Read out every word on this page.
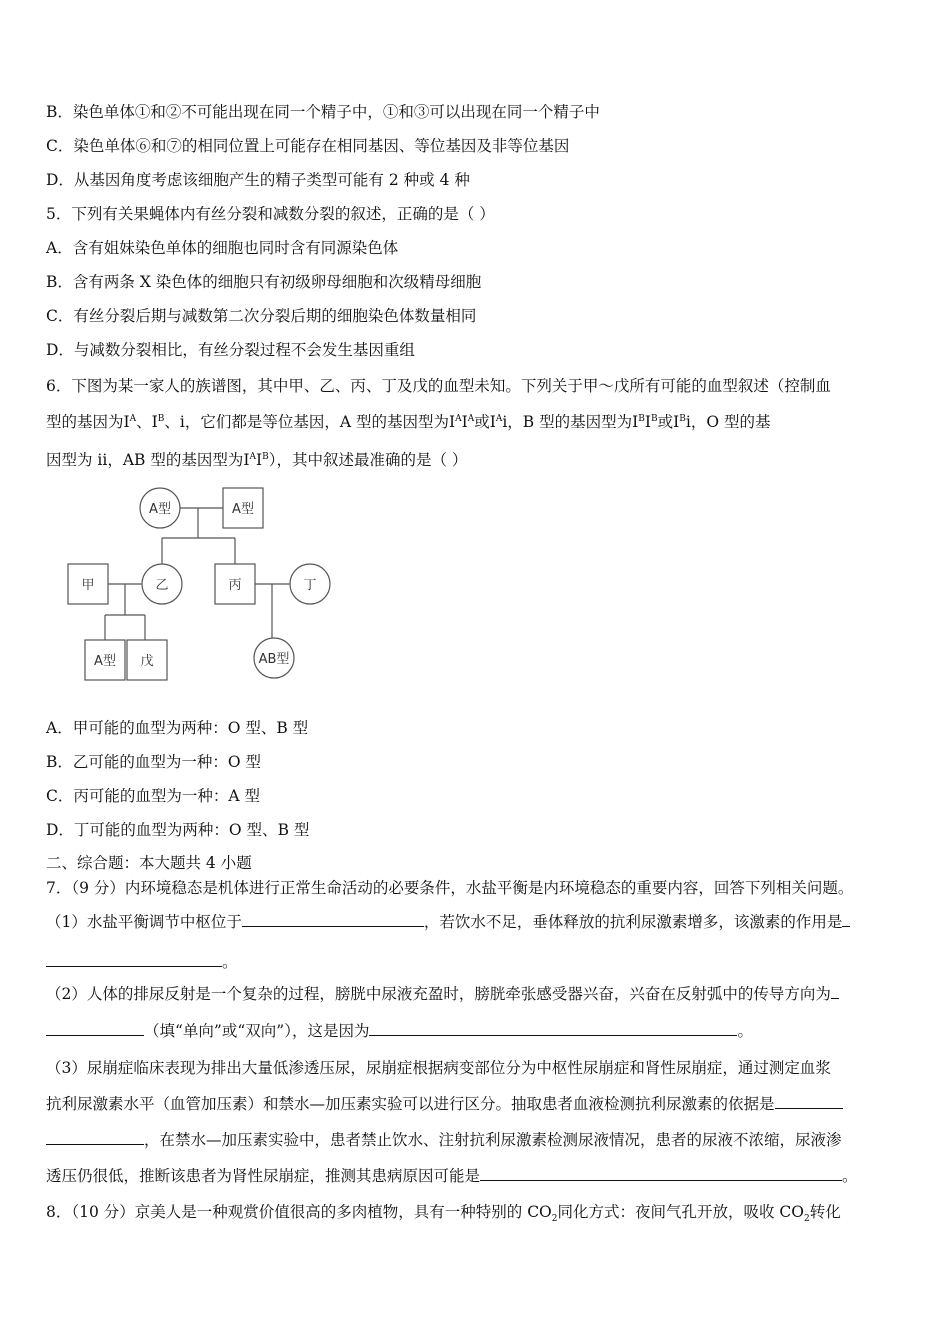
B．染色单体①和②不可能出现在同一个精子中，①和③可以出现在同一个精子中
C．染色单体⑥和⑦的相同位置上可能存在相同基因、等位基因及非等位基因
D．从基因角度考虑该细胞产生的精子类型可能有 2 种或 4 种
5．下列有关果蝇体内有丝分裂和减数分裂的叙述，正确的是（ ）
A．含有姐妹染色单体的细胞也同时含有同源染色体
B．含有两条 X 染色体的细胞只有初级卵母细胞和次级精母细胞
C．有丝分裂后期与减数第二次分裂后期的细胞染色体数量相同
D．与减数分裂相比，有丝分裂过程不会发生基因重组
6．下图为某一家人的族谱图，其中甲、乙、丙、丁及戊的血型未知。下列关于甲～戊所有可能的血型叙述（控制血
型的基因为Ⅰ$^A$、Ⅰ$^B$、i，它们都是等位基因，A 型的基因型为Ⅰ$^A$Ⅰ$^A$或Ⅰ$^A$i，B 型的基因型为Ⅰ$^B$Ⅰ$^B$或Ⅰ$^B$i，O 型的基
因型为 ii，AB 型的基因型为Ⅰ$^A$Ⅰ$^B$），其中叙述最准确的是（ ）
A型	A型
甲	乙	丙	丁
A型 戊	AB型
A．甲可能的血型为两种：O 型、B 型
B．乙可能的血型为一种：O 型
C．丙可能的血型为一种：A 型
D．丁可能的血型为两种：O 型、B 型
二、综合题：本大题共 4 小题
7．（9 分）内环境稳态是机体进行正常生命活动的必要条件，水盐平衡是内环境稳态的重要内容，回答下列相关问题。
（1）水盐平衡调节中枢位于	，若饮水不足，垂体释放的抗利尿激素增多，该激素的作用是
。
（2）人体的排尿反射是一个复杂的过程，膀胱中尿液充盈时，膀胱牵张感受器兴奋，兴奋在反射弧中的传导方向为
（填“单向”或“双向”），这是因为	。
（3）尿崩症临床表现为排出大量低渗透压尿，尿崩症根据病变部位分为中枢性尿崩症和肾性尿崩症，通过测定血浆
抗利尿激素水平（血管加压素）和禁水—加压素实验可以进行区分。抽取患者血液检测抗利尿激素的依据是
，在禁水—加压素实验中，患者禁止饮水、注射抗利尿激素检测尿液情况，患者的尿液不浓缩，尿液渗
透压仍很低，推断该患者为肾性尿崩症，推测其患病原因可能是	。
8．（10 分）京美人是一种观赏价值很高的多肉植物，具有一种特别的 $CO_2$同化方式：夜间气孔开放，吸收 $CO_2$转化
